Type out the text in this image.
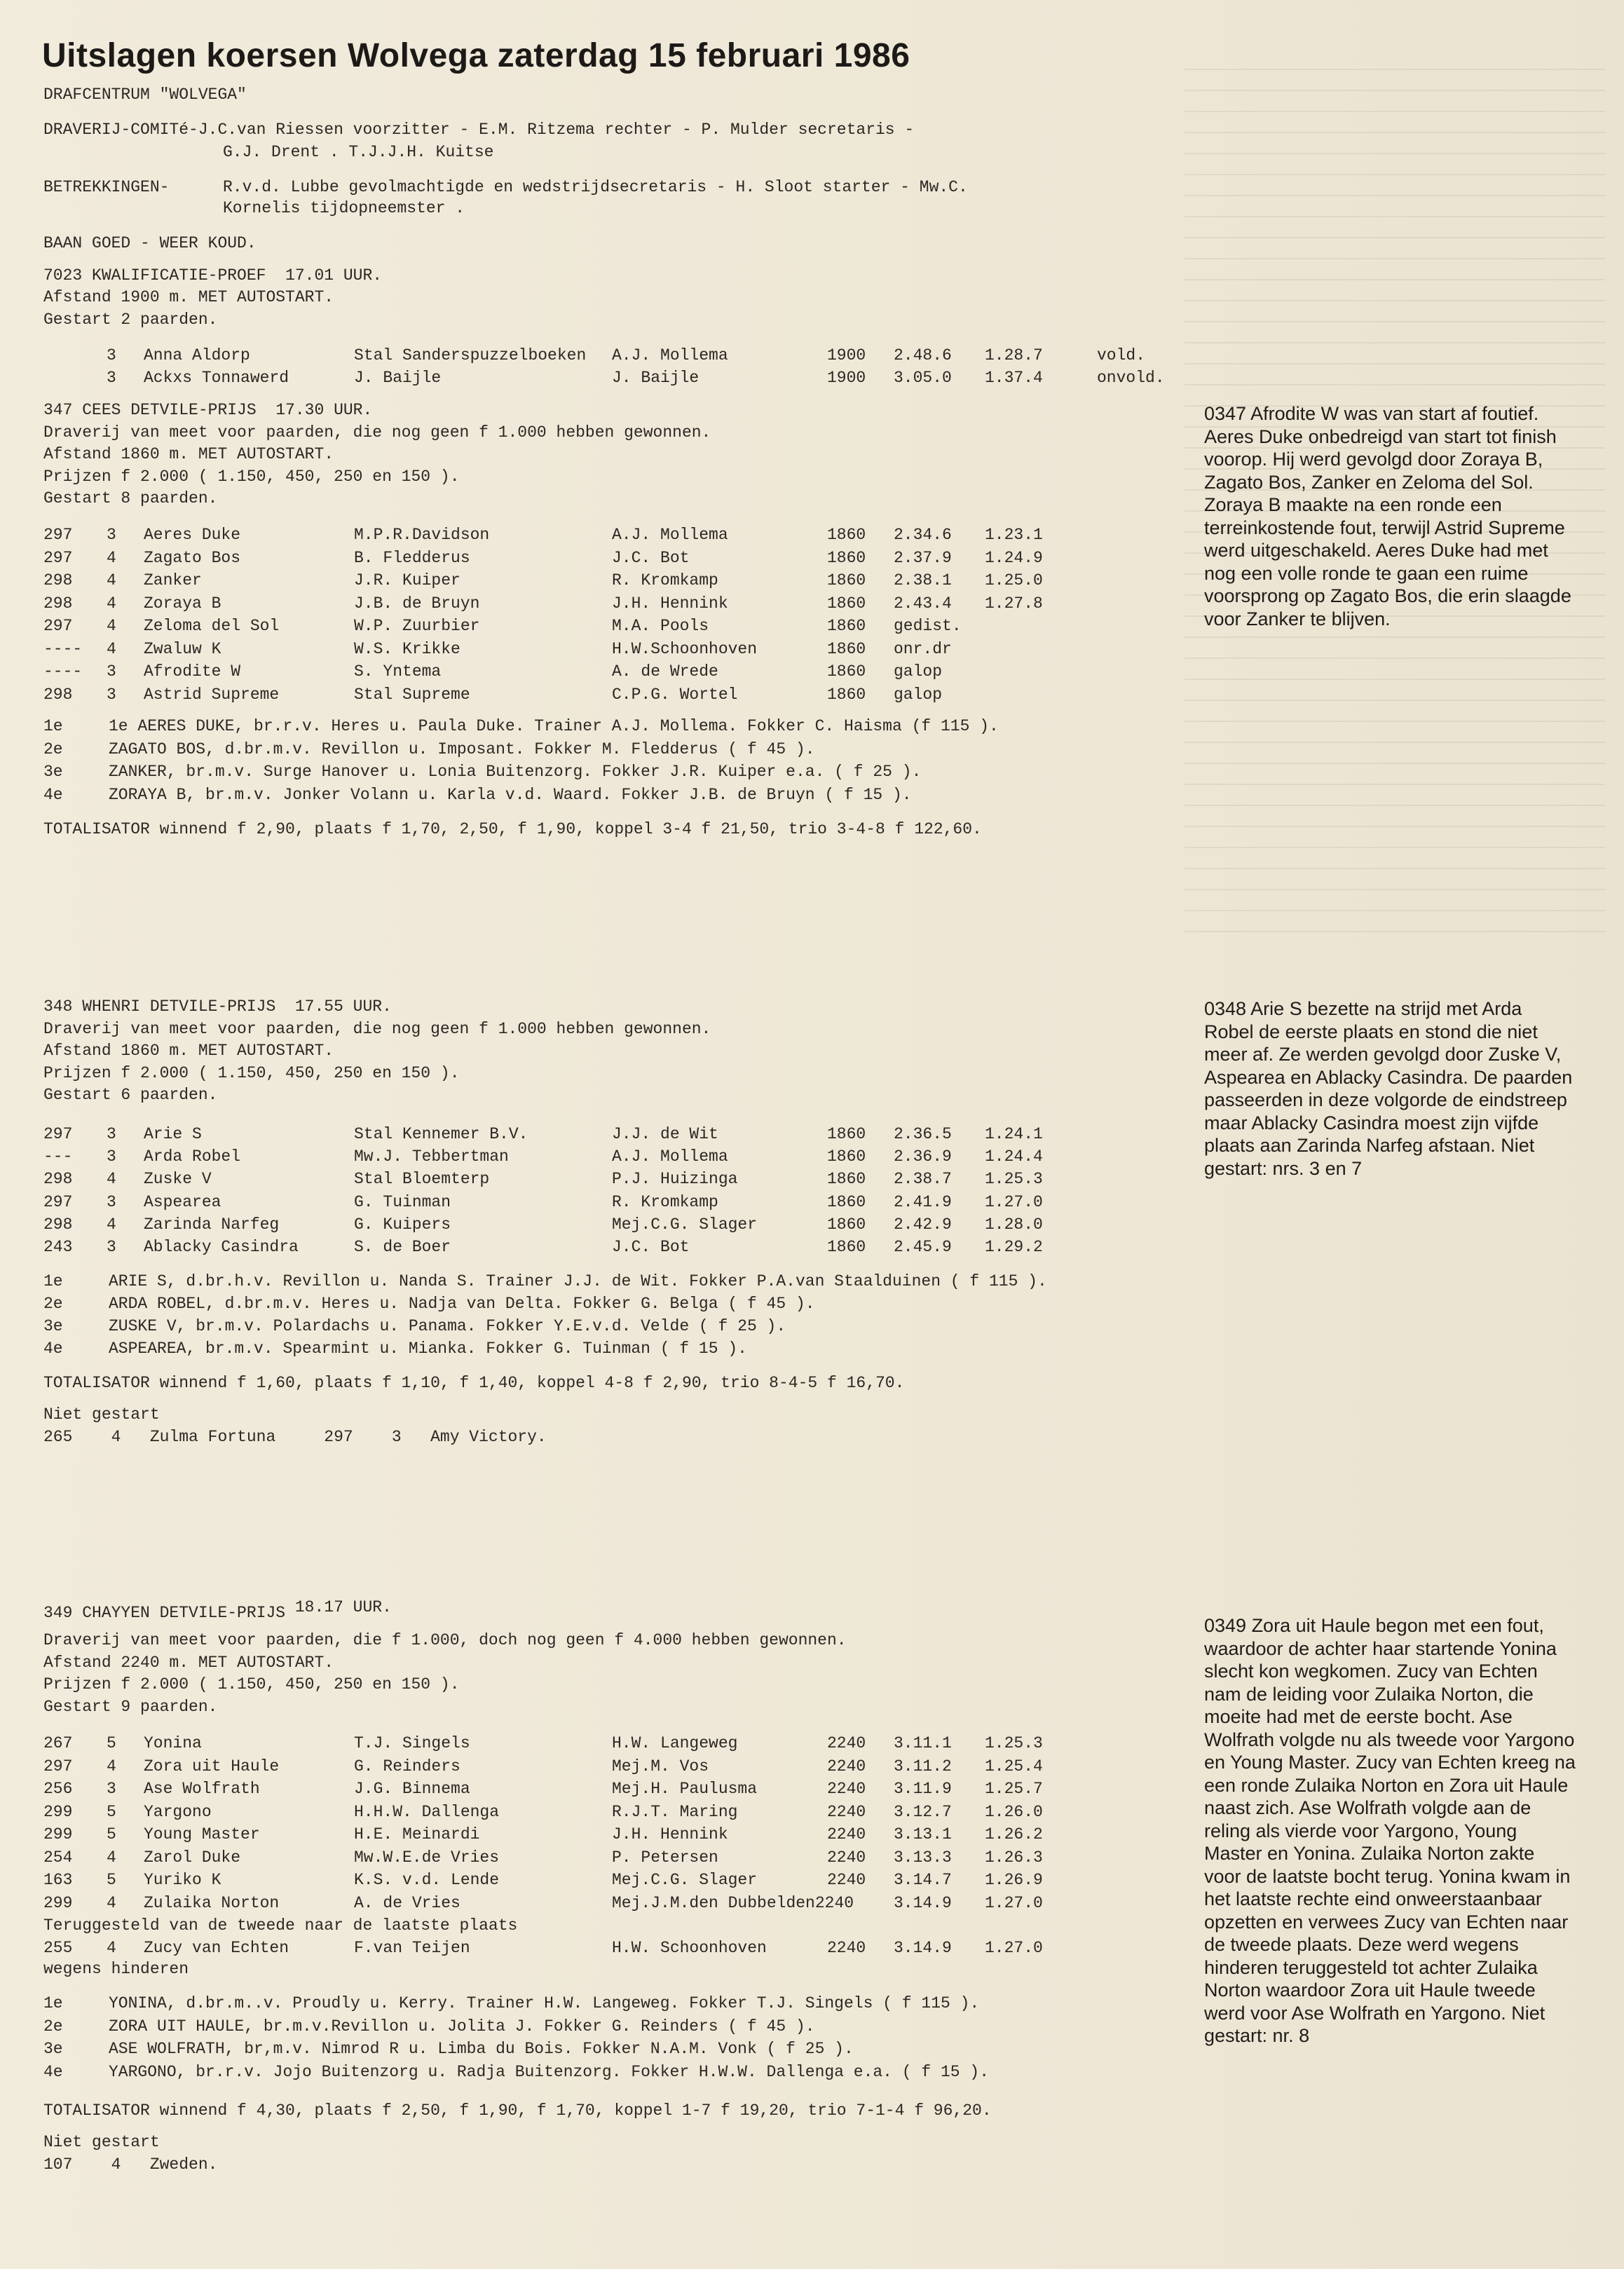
Uitslagen koersen Wolvega zaterdag 15 februari 1986
DRAFCENTRUM "WOLVEGA"
DRAVERIJ-COMITé-J.C.van Riessen voorzitter - E.M. Ritzema rechter - P. Mulder secretaris -
G.J. Drent . T.J.J.H. Kuitse
BETREKKINGEN-	R.v.d. Lubbe gevolmachtigde en wedstrijdsecretaris - H. Sloot starter - Mw.C.
Kornelis tijdopneemster .
BAAN GOED - WEER KOUD.
7023 KWALIFICATIE-PROEF  17.01 UUR.
Afstand 1900 m. MET AUTOSTART.
Gestart 2 paarden.
3 Anna Aldorp	Stal Sanderspuzzelboeken A.J. Mollema	1900 2.48.6 1.28.7	vold.
3 Ackxs Tonnawerd	J. Baijle	J. Baijle	1900 3.05.0 1.37.4	onvold.
347 CEES DETVILE-PRIJS  17.30 UUR.
Draverij van meet voor paarden, die nog geen f 1.000 hebben gewonnen.
Afstand 1860 m. MET AUTOSTART.
Prijzen f 2.000 ( 1.150, 450, 250 en 150 ).
Gestart 8 paarden.
297 3 Aeres Duke	M.P.R.Davidson	A.J. Mollema	1860 2.34.6 1.23.1
297 4 Zagato Bos	B. Fledderus	J.C. Bot	1860 2.37.9 1.24.9
298 4 Zanker	J.R. Kuiper	R. Kromkamp	1860 2.38.1 1.25.0
298 4 Zoraya B	J.B. de Bruyn	J.H. Hennink	1860 2.43.4 1.27.8
297 4 Zeloma del Sol	W.P. Zuurbier	M.A. Pools	1860 gedist.
---- 4 Zwaluw K	W.S. Krikke	H.W.Schoonhoven	1860 onr.dr
---- 3 Afrodite W	S. Yntema	A. de Wrede	1860 galop
298 3 Astrid Supreme	Stal Supreme	C.P.G. Wortel	1860 galop
1e	1e AERES DUKE, br.r.v. Heres u. Paula Duke. Trainer A.J. Mollema. Fokker C. Haisma (f 115 ).
2e	ZAGATO BOS, d.br.m.v. Revillon u. Imposant. Fokker M. Fledderus ( f 45 ).
3e	ZANKER, br.m.v. Surge Hanover u. Lonia Buitenzorg. Fokker J.R. Kuiper e.a. ( f 25 ).
4e	ZORAYA B, br.m.v. Jonker Volann u. Karla v.d. Waard. Fokker J.B. de Bruyn ( f 15 ).
TOTALISATOR winnend f 2,90, plaats f 1,70, 2,50, f 1,90, koppel 3-4 f 21,50, trio 3-4-8 f 122,60.

0347 Afrodite W was van start af foutief. Aeres Duke onbedreigd van start tot finish voorop. Hij werd gevolgd door Zoraya B, Zagato Bos, Zanker en Zeloma del Sol. Zoraya B maakte na een ronde een terreinkostende fout, terwijl Astrid Supreme werd uitgeschakeld. Aeres Duke had met nog een volle ronde te gaan een ruime voorsprong op Zagato Bos, die erin slaagde voor Zanker te blijven.

348 WHENRI DETVILE-PRIJS  17.55 UUR.
Draverij van meet voor paarden, die nog geen f 1.000 hebben gewonnen.
Afstand 1860 m. MET AUTOSTART.
Prijzen f 2.000 ( 1.150, 450, 250 en 150 ).
Gestart 6 paarden.
297 3 Arie S	Stal Kennemer B.V.	J.J. de Wit	1860 2.36.5 1.24.1
--- 3 Arda Robel	Mw.J. Tebbertman	A.J. Mollema	1860 2.36.9 1.24.4
298 4 Zuske V	Stal Bloemterp	P.J. Huizinga	1860 2.38.7 1.25.3
297 3 Aspearea	G. Tuinman	R. Kromkamp	1860 2.41.9 1.27.0
298 4 Zarinda Narfeg	G. Kuipers	Mej.C.G. Slager	1860 2.42.9 1.28.0
243 3 Ablacky Casindra	S. de Boer	J.C. Bot	1860 2.45.9 1.29.2
1e	ARIE S, d.br.h.v. Revillon u. Nanda S. Trainer J.J. de Wit. Fokker P.A.van Staalduinen ( f 115 ).
2e	ARDA ROBEL, d.br.m.v. Heres u. Nadja van Delta. Fokker G. Belga ( f 45 ).
3e	ZUSKE V, br.m.v. Polardachs u. Panama. Fokker Y.E.v.d. Velde ( f 25 ).
4e	ASPEAREA, br.m.v. Spearmint u. Mianka. Fokker G. Tuinman ( f 15 ).
TOTALISATOR winnend f 1,60, plaats f 1,10, f 1,40, koppel 4-8 f 2,90, trio 8-4-5 f 16,70.
Niet gestart
265    4   Zulma Fortuna     297    3   Amy Victory.

0348 Arie S bezette na strijd met Arda Robel de eerste plaats en stond die niet meer af. Ze werden gevolgd door Zuske V, Aspearea en Ablacky Casindra. De paarden passeerden in deze volgorde de eindstreep maar Ablacky Casindra moest zijn vijfde plaats aan Zarinda Narfeg afstaan. Niet gestart: nrs. 3 en 7

349 CHAYYEN DETVILE-PRIJS 18.17 UUR.
Draverij van meet voor paarden, die f 1.000, doch nog geen f 4.000 hebben gewonnen.
Afstand 2240 m. MET AUTOSTART.
Prijzen f 2.000 ( 1.150, 450, 250 en 150 ).
Gestart 9 paarden.
267 5 Yonina	T.J. Singels	H.W. Langeweg	2240 3.11.1 1.25.3
297 4 Zora uit Haule	G. Reinders	Mej.M. Vos	2240 3.11.2 1.25.4
256 3 Ase Wolfrath	J.G. Binnema	Mej.H. Paulusma	2240 3.11.9 1.25.7
299 5 Yargono	H.H.W. Dallenga	R.J.T. Maring	2240 3.12.7 1.26.0
299 5 Young Master	H.E. Meinardi	J.H. Hennink	2240 3.13.1 1.26.2
254 4 Zarol Duke	Mw.W.E.de Vries	P. Petersen	2240 3.13.3 1.26.3
163 5 Yuriko K	K.S. v.d. Lende	Mej.C.G. Slager	2240 3.14.7 1.26.9
299 4 Zulaika Norton	A. de Vries	Mej.J.M.den Dubbelden2240 3.14.9 1.27.0
Teruggesteld van de tweede naar de laatste plaats
255 4 Zucy van Echten	F.van Teijen	H.W. Schoonhoven	2240 3.14.9 1.27.0
wegens hinderen
1e	YONINA, d.br.m..v. Proudly u. Kerry. Trainer H.W. Langeweg. Fokker T.J. Singels ( f 115 ).
2e	ZORA UIT HAULE, br.m.v.Revillon u. Jolita J. Fokker G. Reinders ( f 45 ).
3e	ASE WOLFRATH, br,m.v. Nimrod R u. Limba du Bois. Fokker N.A.M. Vonk ( f 25 ).
4e	YARGONO, br.r.v. Jojo Buitenzorg u. Radja Buitenzorg. Fokker H.W.W. Dallenga e.a. ( f 15 ).
TOTALISATOR winnend f 4,30, plaats f 2,50, f 1,90, f 1,70, koppel 1-7 f 19,20, trio 7-1-4 f 96,20.
Niet gestart
107    4   Zweden.

0349 Zora uit Haule begon met een fout, waardoor de achter haar startende Yonina slecht kon wegkomen. Zucy van Echten nam de leiding voor Zulaika Norton, die moeite had met de eerste bocht. Ase Wolfrath volgde nu als tweede voor Yargono en Young Master. Zucy van Echten kreeg na een ronde Zulaika Norton en Zora uit Haule naast zich. Ase Wolfrath volgde aan de reling als vierde voor Yargono, Young Master en Yonina. Zulaika Norton zakte voor de laatste bocht terug. Yonina kwam in het laatste rechte eind onweerstaanbaar opzetten en verwees Zucy van Echten naar de tweede plaats. Deze werd wegens hinderen teruggesteld tot achter Zulaika Norton waardoor Zora uit Haule tweede werd voor Ase Wolfrath en Yargono. Niet gestart: nr. 8
